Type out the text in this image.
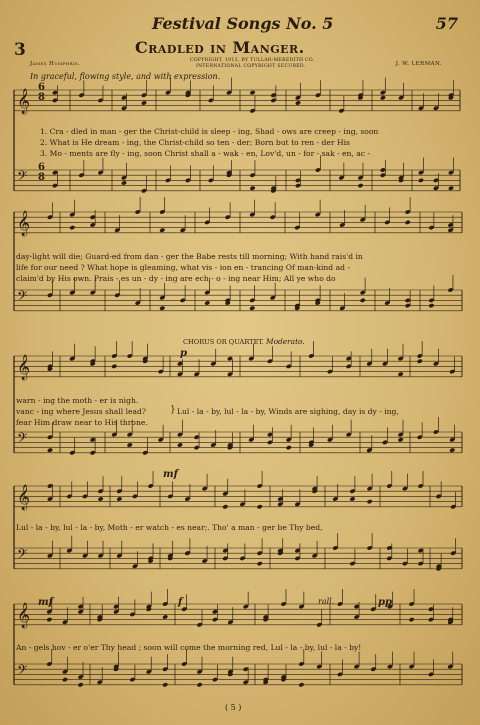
Festival Songs No. 5	57
3	Cradled in Manger.
COPYRIGHT, 1913, BY TULLAR-MEREDITH CO.
INTERNATIONAL COPYRIGHT SECURED.
James Humphris.	J. W. LERMAN.
In graceful, flowing style, and with expression.
𝄞
𝄢
𝄞
𝄢
𝄞
𝄢
𝄞
𝄢
𝄞
𝄢
6
8
6
8
1. Cra - dled in man - ger the Christ-child is sleep - ing, Shad - ows are creep - ing, soon
2. What is He dream - ing, the Christ-child so ten - der; Born but to ren - der His
3. Mo - ments are fly - ing, soon Christ shall a - wak - en, Lov'd, un - for - sak - en, ac -
day-light will die; Guard-ed from dan - ger the Babe rests till morning; With hand rais'd in
life for our need ? What hope is gleaming, what vis - ion en - trancing Of man-kind ad -
claim'd by His own. Prais - es un - dy - ing are ech - o - ing near Him; All ye who do
CHORUS OR QUARTET. Moderato.
warn - ing the moth - er is nigh.
vanc - ing where Jesus shall lead?
fear Him draw near to His throne.
} Lul - la - by, lul - la - by, Winds are sighing, day is dy - ing,
Lul - la - by, lul - la - by, Moth - er watch - es near;. Tho' a man - ger be Thy bed,
An - gels hov - er o'er Thy head ; soon will come the morning red, Lul - la - by, lul - la - by!
p
mf
mf	f	rall.	pp
( 5 )
